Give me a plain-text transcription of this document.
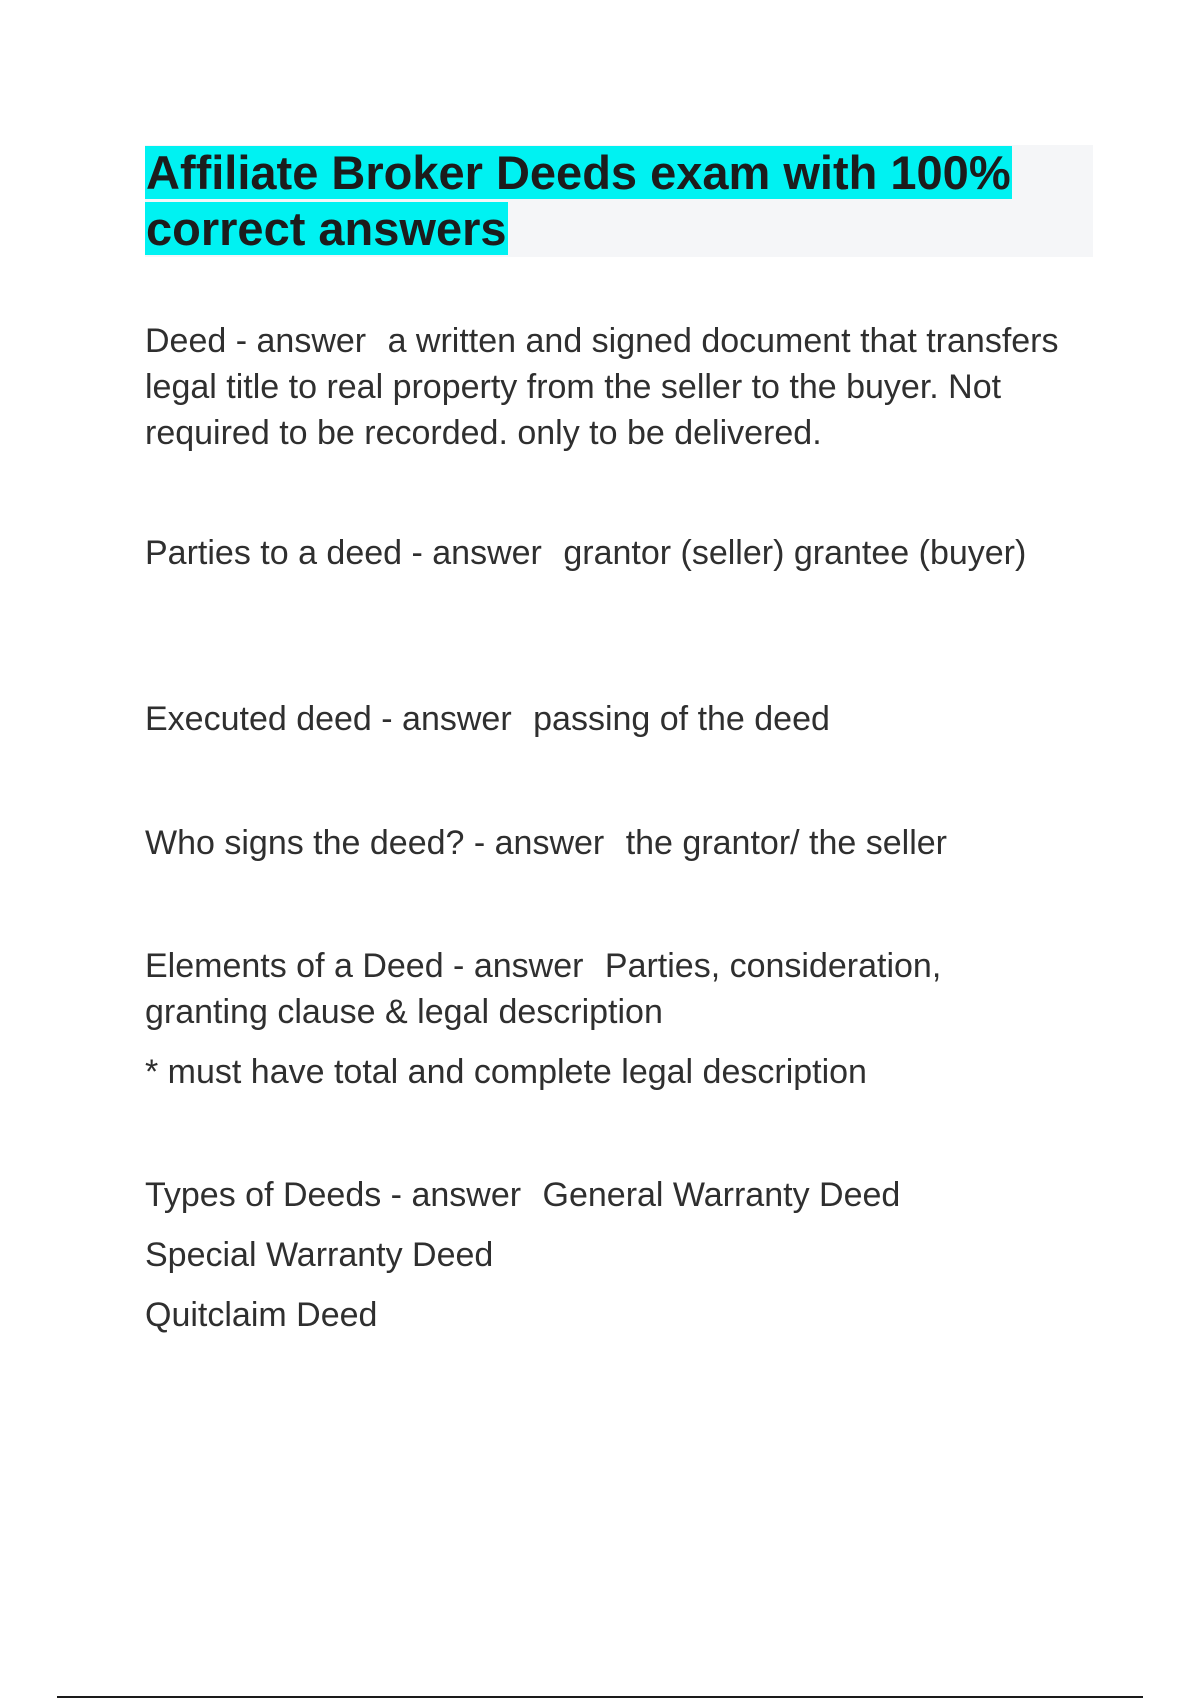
Affiliate Broker Deeds exam with 100% correct answers

Deed - answer a written and signed document that transfers legal title to real property from the seller to the buyer. Not required to be recorded. only to be delivered.

Parties to a deed - answer grantor (seller) grantee (buyer)

Executed deed - answer passing of the deed

Who signs the deed? - answer the grantor/ the seller

Elements of a Deed - answer Parties, consideration, granting clause & legal description

* must have total and complete legal description

Types of Deeds - answer General Warranty Deed

Special Warranty Deed

Quitclaim Deed
